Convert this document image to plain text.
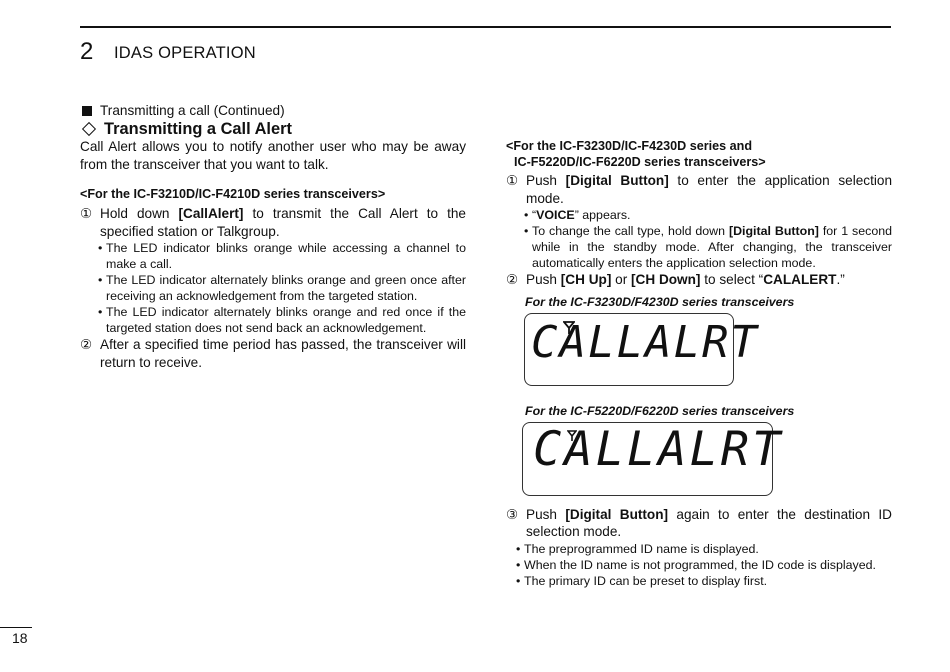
2 IDAS OPERATION
Transmitting a call (Continued)
Transmitting a Call Alert

Call Alert allows you to notify another user who may be away from the transceiver that you want to talk.

<For the IC-F3210D/IC-F4210D series transceivers>

① Hold down [CallAlert] to transmit the Call Alert to the specified station or Talkgroup.
• The LED indicator blinks orange while accessing a channel to make a call.
• The LED indicator alternately blinks orange and green once after receiving an acknowledgement from the targeted station.
• The LED indicator alternately blinks orange and red once if the targeted station does not send back an acknowledgement.
② After a specified time period has passed, the transceiver will return to receive.

<For the IC-F3230D/IC-F4230D series and

IC-F5220D/IC-F6220D series transceivers>

① Push [Digital Button] to enter the application selection mode.
• “VOICE” appears.
• To change the call type, hold down [Digital Button] for 1 second while in the standby mode. After changing, the transceiver automatically enters the application selection mode.
② Push [CH Up] or [CH Down] to select “CALALERT.”

For the IC-F3230D/F4230D series transceivers

CALLALRT

For the IC-F5220D/F6220D series transceivers

CALLALRT
③ Push [Digital Button] again to enter the destination ID selection mode.
• The preprogrammed ID name is displayed.
• When the ID name is not programmed, the ID code is displayed.
• The primary ID can be preset to display first.
18
